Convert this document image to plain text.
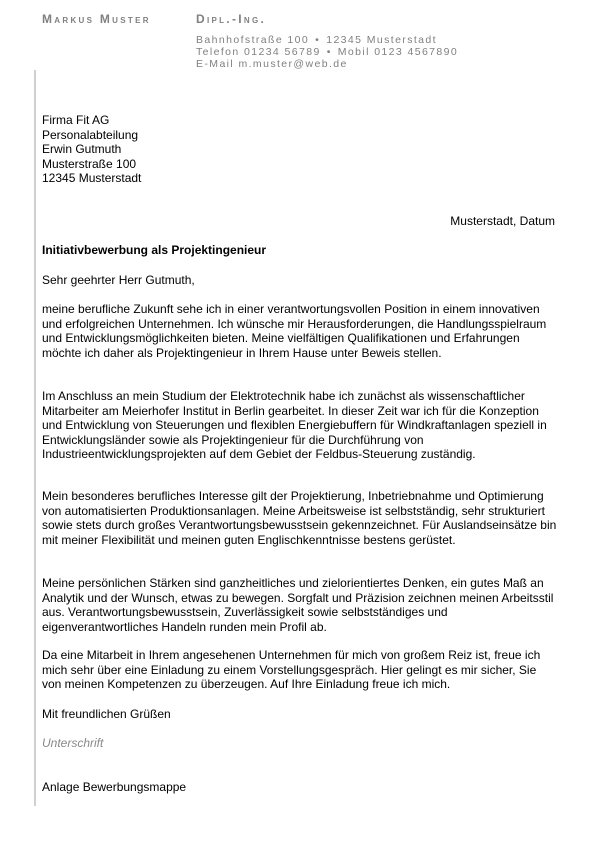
Markus Muster	Dipl.-Ing.
Bahnhofstraße 100 • 12345 Musterstadt
Telefon 01234 56789 • Mobil 0123 4567890
E-Mail m.muster@web.de
Firma Fit AG
Personalabteilung
Erwin Gutmuth
Musterstraße 100
12345 Musterstadt
Musterstadt, Datum
Initiativbewerbung als Projektingenieur
Sehr geehrter Herr Gutmuth,

meine berufliche Zukunft sehe ich in einer verantwortungsvollen Position in einem innovativen und erfolgreichen Unternehmen. Ich wünsche mir Herausforderungen, die Handlungsspielraum und Entwicklungsmöglichkeiten bieten. Meine vielfältigen Qualifikationen und Erfahrungen möchte ich daher als Projektingenieur in Ihrem Hause unter Beweis stellen.

Im Anschluss an mein Studium der Elektrotechnik habe ich zunächst als wissenschaftlicher Mitarbeiter am Meierhofer Institut in Berlin gearbeitet. In dieser Zeit war ich für die Konzeption und Entwicklung von Steuerungen und flexiblen Energiebuffern für Windkraftanlagen speziell in Entwicklungsländer sowie als Projektingenieur für die Durchführung von Industrieentwicklungsprojekten auf dem Gebiet der Feldbus-Steuerung zuständig.

Mein besonderes berufliches Interesse gilt der Projektierung, Inbetriebnahme und Optimierung von automatisierten Produktionsanlagen. Meine Arbeitsweise ist selbstständig, sehr strukturiert sowie stets durch großes Verantwortungsbewusstsein gekennzeichnet. Für Auslandseinsätze bin mit meiner Flexibilität und meinen guten Englischkenntnisse bestens gerüstet.

Meine persönlichen Stärken sind ganzheitliches und zielorientiertes Denken, ein gutes Maß an Analytik und der Wunsch, etwas zu bewegen. Sorgfalt und Präzision zeichnen meinen Arbeitsstil aus. Verantwortungsbewusstsein, Zuverlässigkeit sowie selbstständiges und eigenverantwortliches Handeln runden mein Profil ab.

Da eine Mitarbeit in Ihrem angesehenen Unternehmen für mich von großem Reiz ist, freue ich mich sehr über eine Einladung zu einem Vorstellungsgespräch. Hier gelingt es mir sicher, Sie von meinen Kompetenzen zu überzeugen. Auf Ihre Einladung freue ich mich.

Mit freundlichen Grüßen
Unterschrift
Anlage Bewerbungsmappe
